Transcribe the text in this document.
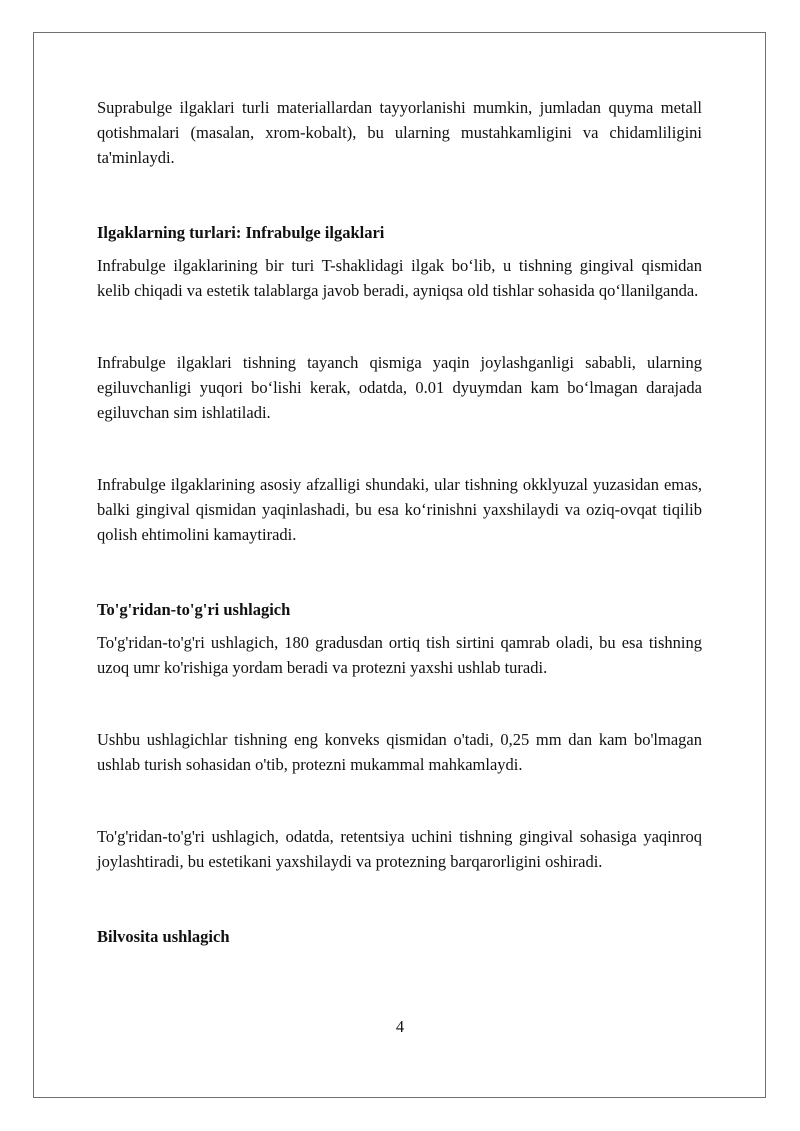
Suprabulge ilgaklari turli materiallardan tayyorlanishi mumkin, jumladan quyma metall qotishmalari (masalan, xrom-kobalt), bu ularning mustahkamligini va chidamliligini ta'minlaydi.

Ilgaklarning turlari: Infrabulge ilgaklari

Infrabulge ilgaklarining bir turi T-shaklidagi ilgak bo‘lib, u tishning gingival qismidan kelib chiqadi va estetik talablarga javob beradi, ayniqsa old tishlar sohasida qo‘llanilganda.

Infrabulge ilgaklari tishning tayanch qismiga yaqin joylashganligi sababli, ularning egiluvchanligi yuqori bo‘lishi kerak, odatda, 0.01 dyuymdan kam bo‘lmagan darajada egiluvchan sim ishlatiladi.

Infrabulge ilgaklarining asosiy afzalligi shundaki, ular tishning okklyuzal yuzasidan emas, balki gingival qismidan yaqinlashadi, bu esa ko‘rinishni yaxshilaydi va oziq-ovqat tiqilib qolish ehtimolini kamaytiradi.

To'g'ridan-to'g'ri ushlagich

To'g'ridan-to'g'ri ushlagich, 180 gradusdan ortiq tish sirtini qamrab oladi, bu esa tishning uzoq umr ko'rishiga yordam beradi va protezni yaxshi ushlab turadi.

Ushbu ushlagichlar tishning eng konveks qismidan o'tadi, 0,25 mm dan kam bo'lmagan ushlab turish sohasidan o'tib, protezni mukammal mahkamlaydi.

To'g'ridan-to'g'ri ushlagich, odatda, retentsiya uchini tishning gingival sohasiga yaqinroq joylashtiradi, bu estetikani yaxshilaydi va protezning barqarorligini oshiradi.

Bilvosita ushlagich

4
